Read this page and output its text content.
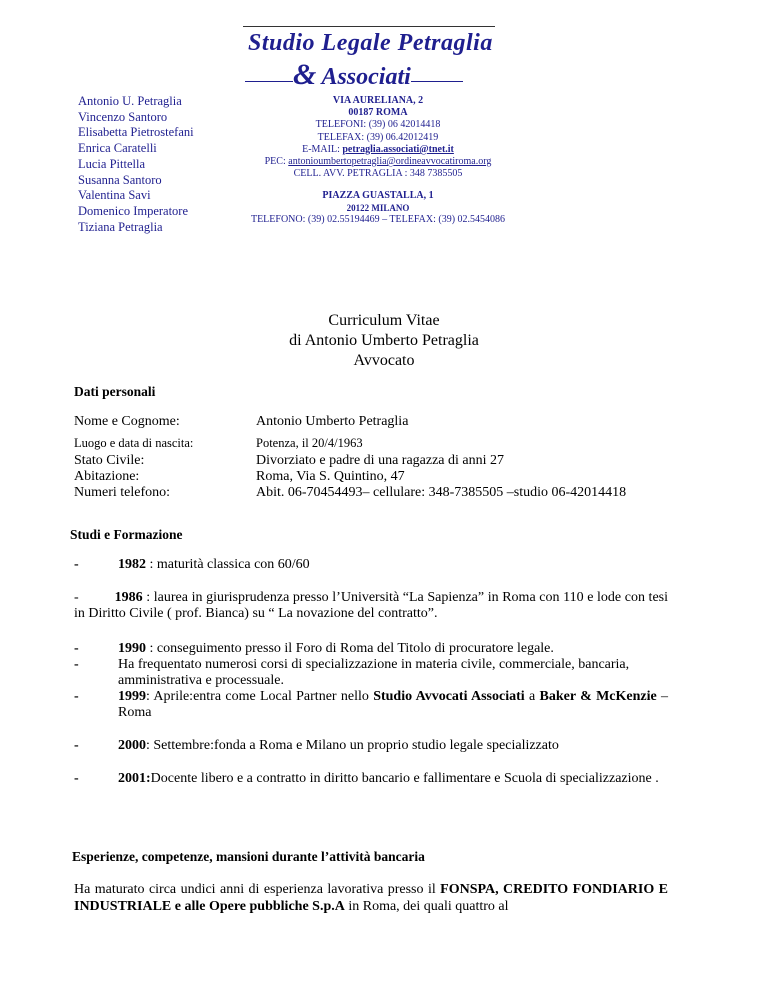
Studio Legale Petraglia
& Associati
Antonio U. Petraglia
Vincenzo Santoro
Elisabetta Pietrostefani
Enrica Caratelli
Lucia Pittella
Susanna Santoro
Valentina Savi
Domenico Imperatore
Tiziana Petraglia
VIA AURELIANA, 2
00187 ROMA
TELEFONI: (39) 06 42014418
TELEFAX: (39) 06.42012419
E-MAIL: petraglia.associati@tnet.it
PEC: antonioumbertopetraglia@ordineavvocatiroma.org
CELL. AVV. PETRAGLIA : 348 7385505
PIAZZA GUASTALLA, 1
20122 MILANO
TELEFONO: (39) 02.55194469 – TELEFAX: (39) 02.5454086
Curriculum Vitae
di Antonio Umberto Petraglia
Avvocato
Dati personali
Nome e Cognome:	Antonio Umberto Petraglia
Luogo e data di nascita:	Potenza, il 20/4/1963
Stato Civile:	Divorziato e padre di una ragazza di anni 27
Abitazione:	Roma, Via S. Quintino, 47
Numeri telefono:	Abit. 06-70454493– cellulare: 348-7385505 –studio 06-42014418
Studi e Formazione
-	1982 : maturità classica con 60/60
-	1986 : laurea in giurisprudenza presso l’Università “La Sapienza” in Roma con 110 e lode con tesi in Diritto Civile ( prof. Bianca) su “ La novazione del contratto”.
-	1990 : conseguimento presso il Foro di Roma del Titolo di procuratore legale.
-	Ha frequentato numerosi corsi di specializzazione in materia civile, commerciale, bancaria, amministrativa e processuale.
-	1999: Aprile:entra come Local Partner nello Studio Avvocati Associati a Baker & McKenzie – Roma
-	2000: Settembre:fonda a Roma e Milano un proprio studio legale specializzato
-	2001:Docente libero e a contratto in diritto bancario e fallimentare e Scuola di specializzazione .
Esperienze, competenze, mansioni durante l’attività bancaria
Ha maturato circa undici anni di esperienza lavorativa presso il FONSPA, CREDITO FONDIARIO E INDUSTRIALE e alle Opere pubbliche S.p.A in Roma, dei quali quattro al
